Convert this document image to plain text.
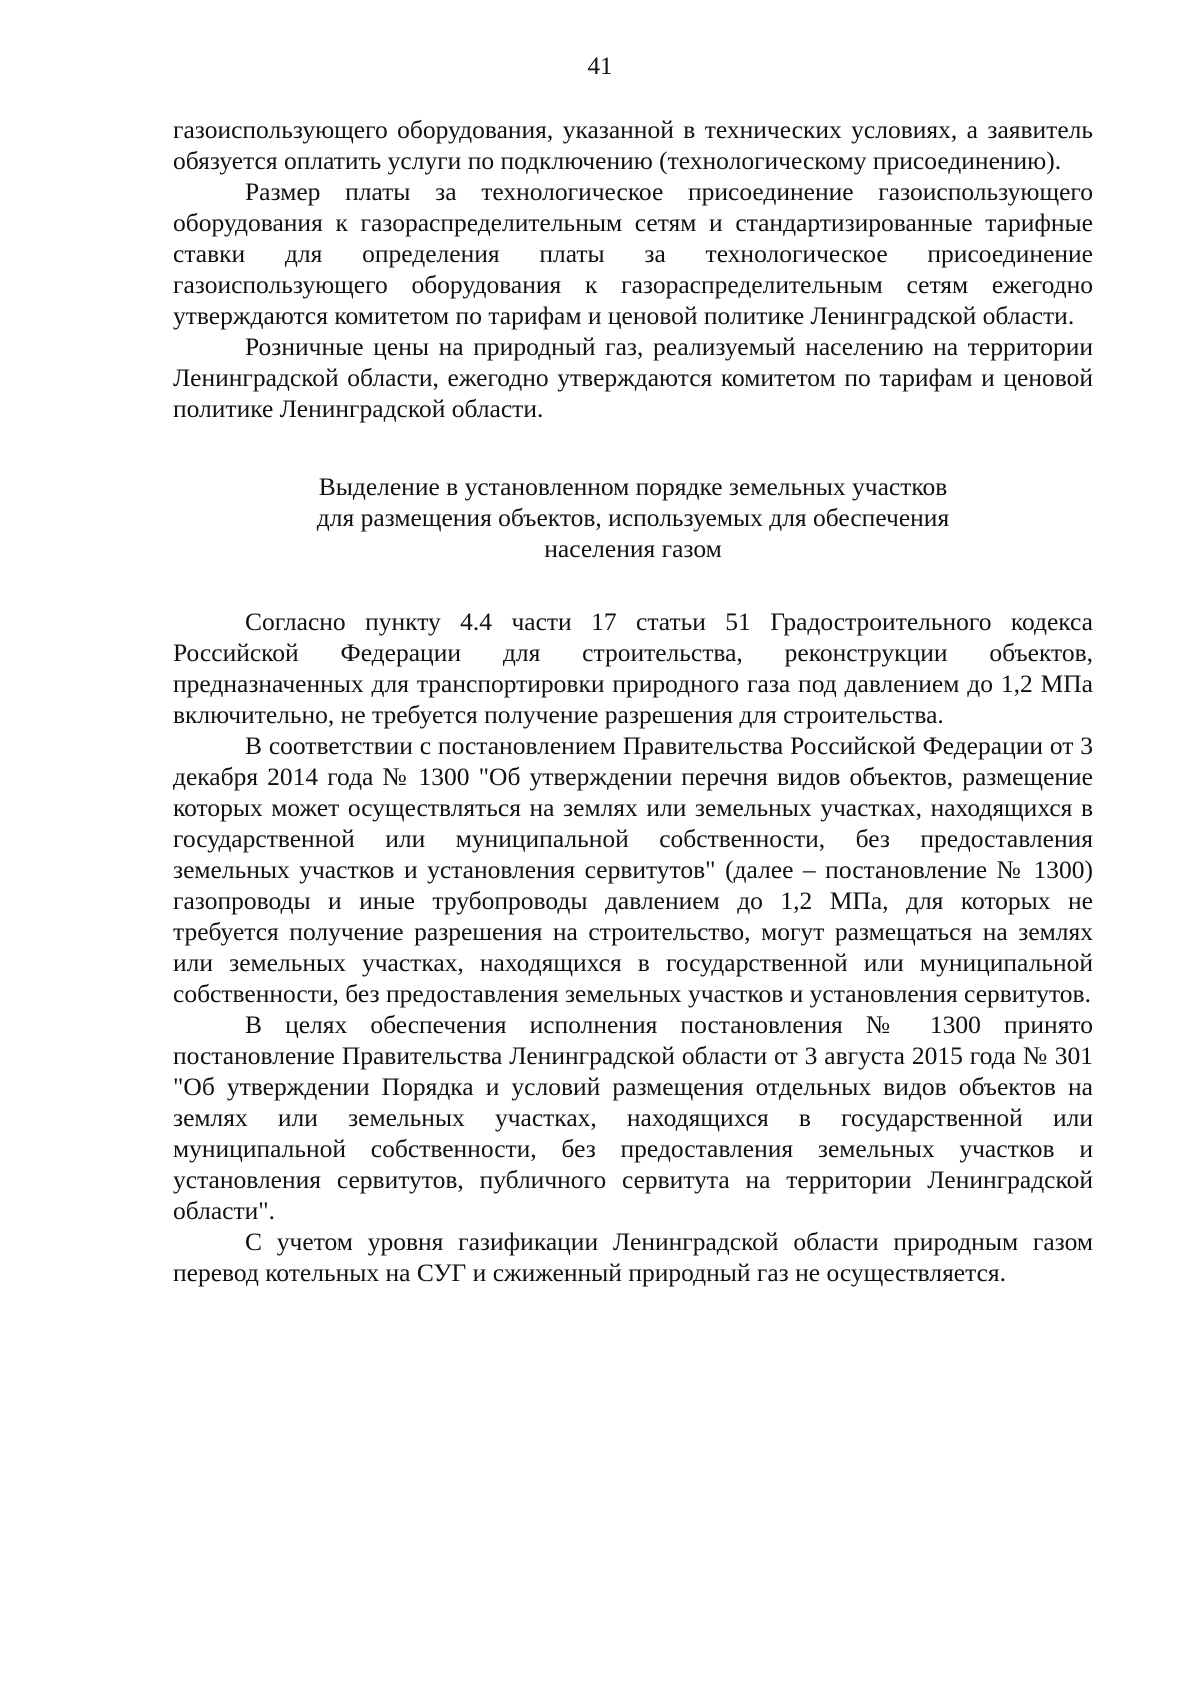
41

газоиспользующего оборудования, указанной в технических условиях, а заявитель обязуется оплатить услуги по подключению (технологическому присоединению).

Размер платы за технологическое присоединение газоиспользующего оборудования к газораспределительным сетям и стандартизированные тарифные ставки для определения платы за технологическое присоединение газоиспользующего оборудования к газораспределительным сетям ежегодно утверждаются комитетом по тарифам и ценовой политике Ленинградской области.

Розничные цены на природный газ, реализуемый населению на территории Ленинградской области, ежегодно утверждаются комитетом по тарифам и ценовой политике Ленинградской области.

Выделение в установленном порядке земельных участков
для размещения объектов, используемых для обеспечения
населения газом

Согласно пункту 4.4 части 17 статьи 51 Градостроительного кодекса Российской Федерации для строительства, реконструкции объектов, предназначенных для транспортировки природного газа под давлением до 1,2 МПа включительно, не требуется получение разрешения для строительства.

В соответствии с постановлением Правительства Российской Федерации от 3 декабря 2014 года № 1300 "Об утверждении перечня видов объектов, размещение которых может осуществляться на землях или земельных участках, находящихся в государственной или муниципальной собственности, без предоставления земельных участков и установления сервитутов" (далее – постановление № 1300) газопроводы и иные трубопроводы давлением до 1,2 МПа, для которых не требуется получение разрешения на строительство, могут размещаться на землях или земельных участках, находящихся в государственной или муниципальной собственности, без предоставления земельных участков и установления сервитутов.

В целях обеспечения исполнения постановления № 1300 принято постановление Правительства Ленинградской области от 3 августа 2015 года № 301 "Об утверждении Порядка и условий размещения отдельных видов объектов на землях или земельных участках, находящихся в государственной или муниципальной собственности, без предоставления земельных участков и установления сервитутов, публичного сервитута на территории Ленинградской области".

С учетом уровня газификации Ленинградской области природным газом перевод котельных на СУГ и сжиженный природный газ не осуществляется.
